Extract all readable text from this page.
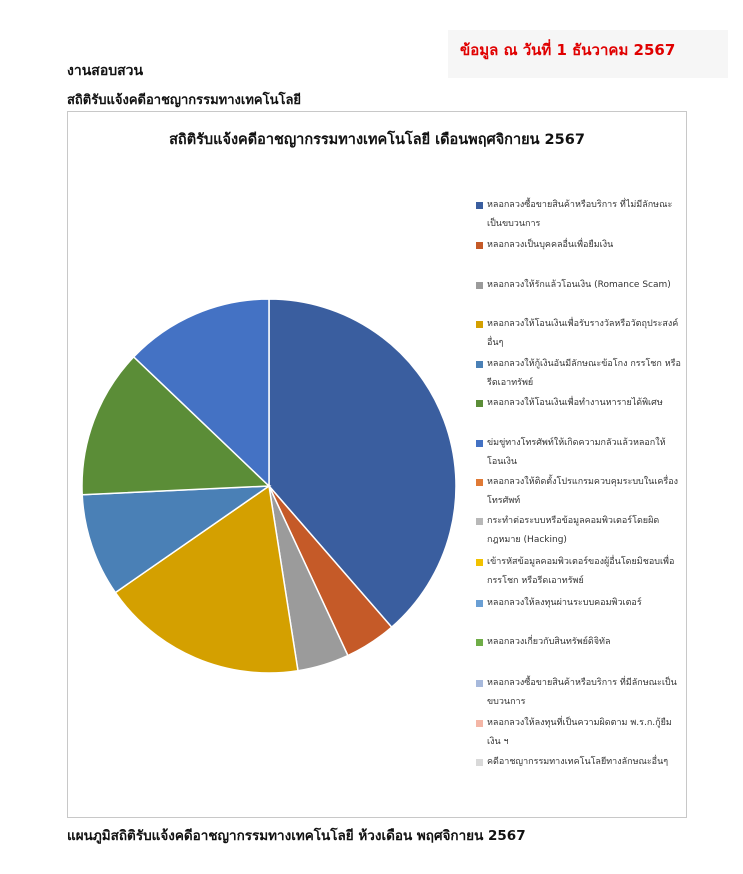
ข้อมูล ณ วันที่ 1 ธันวาคม 2567
งานสอบสวน
สถิติรับแจ้งคดีอาชญากรรมทางเทคโนโลยี
สถิติรับแจ้งคดีอาชญากรรมทางเทคโนโลยี เดือนพฤศจิกายน 2567
หลอกลวงซื้อขายสินค้าหรือบริการ ที่ไม่มีลักษณะเป็นขบวนการ
หลอกลวงเป็นบุคคลอื่นเพื่อยืมเงิน
หลอกลวงให้รักแล้วโอนเงิน (Romance Scam)
หลอกลวงให้โอนเงินเพื่อรับรางวัลหรือวัตถุประสงค์อื่นๆ
หลอกลวงให้กู้เงินอันมีลักษณะข้อโกง กรรโชก หรือรีดเอาทรัพย์
หลอกลวงให้โอนเงินเพื่อทำงานหารายได้พิเศษ
ข่มขู่ทางโทรศัพท์ให้เกิดความกลัวแล้วหลอกให้โอนเงิน
หลอกลวงให้ติดตั้งโปรแกรมควบคุมระบบในเครื่องโทรศัพท์
กระทำต่อระบบหรือข้อมูลคอมพิวเตอร์โดยผิดกฎหมาย (Hacking)
เข้ารหัสข้อมูลคอมพิวเตอร์ของผู้อื่นโดยมิชอบเพื่อกรรโชก หรือรีดเอาทรัพย์
หลอกลวงให้ลงทุนผ่านระบบคอมพิวเตอร์
หลอกลวงเกี่ยวกับสินทรัพย์ดิจิทัล
หลอกลวงซื้อขายสินค้าหรือบริการ ที่มีลักษณะเป็นขบวนการ
หลอกลวงให้ลงทุนที่เป็นความผิดตาม พ.ร.ก.กู้ยืมเงิน ฯ
คดีอาชญากรรมทางเทคโนโลยีทางลักษณะอื่นๆ
แผนภูมิสถิติรับแจ้งคดีอาชญากรรมทางเทคโนโลยี ห้วงเดือน พฤศจิกายน 2567
